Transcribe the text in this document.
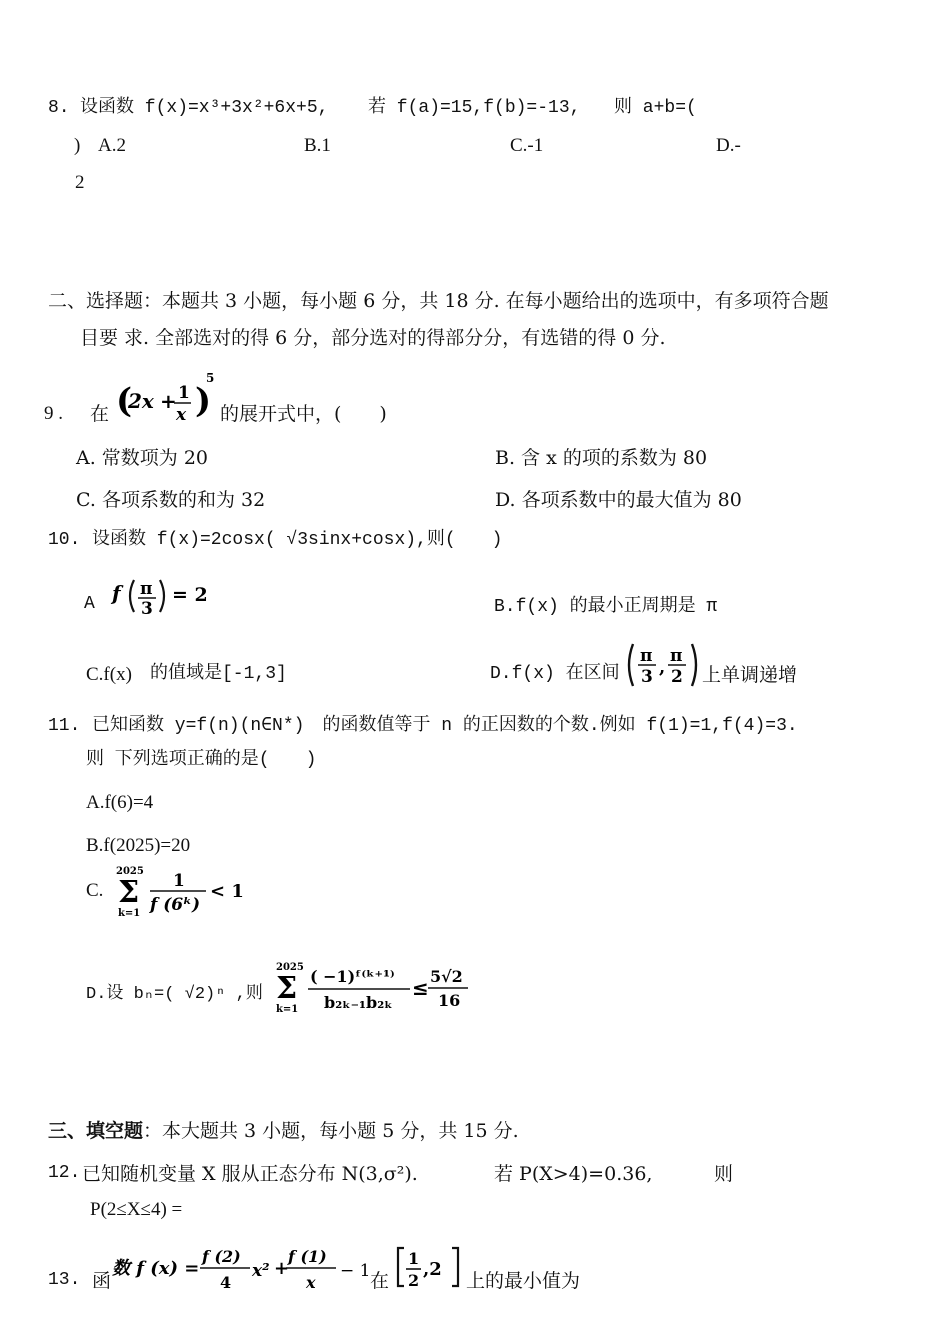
8. 设函数 f(x)=x³+3x²+6x+5, 若 f(a)=15,f(b)=-13, 则 a+b=(
) A.2	B.1	C.-1	D.-
2
二、选择题：本题共 3 小题，每小题 6 分，共 18 分. 在每小题给出的选项中，有多项符合题
目要 求. 全部选对的得 6 分，部分选对的得部分分，有选错的得 0 分.
9 . 在 (
2x + 1
x )
5
的展开式中，(　　)
A. 常数项为 20	B. 含 x 的项的系数为 80
C. 各项系数的和为 32	D. 各项系数中的最大值为 80
10. 设函数 f(x)=2cosx( √3sinx+cosx),则(　　)
A f π
3
= 2
B.f(x) 的最小正周期是 π
C.f(x) 的值域是[-1,3]	D.f(x) 在区间
π
3 ,
π
2 上单调递增
11. 已知函数 y=f(n)(n∈N*)　的函数值等于 n 的正因数的个数.例如 f(1)=1,f(4)=3.
则 下列选项正确的是(　　)
A.f(6)=4
B.f(2025)=20
C.
2025
Σ
k=1
1
f (6ᵏ)
< 1
D.设 bₙ=( √2)ⁿ ,则
2025
Σ
k=1
( −1)ᶠ⁽ᵏ⁺¹⁾
b₂ₖ₋₁b₂ₖ
≤ 5√2
16
三、填空题：本大题共 3 小题，每小题 5 分，共 15 分.
12. 已知随机变量 X 服从正态分布 N(3,σ²).	若 P(X>4)=0.36,	则
P(2≤X≤4) =
13. 函
数 f (x) =
f (2)
4
x² +
f (1)
x
− 1 在
1
2
,2
上的最小值为
